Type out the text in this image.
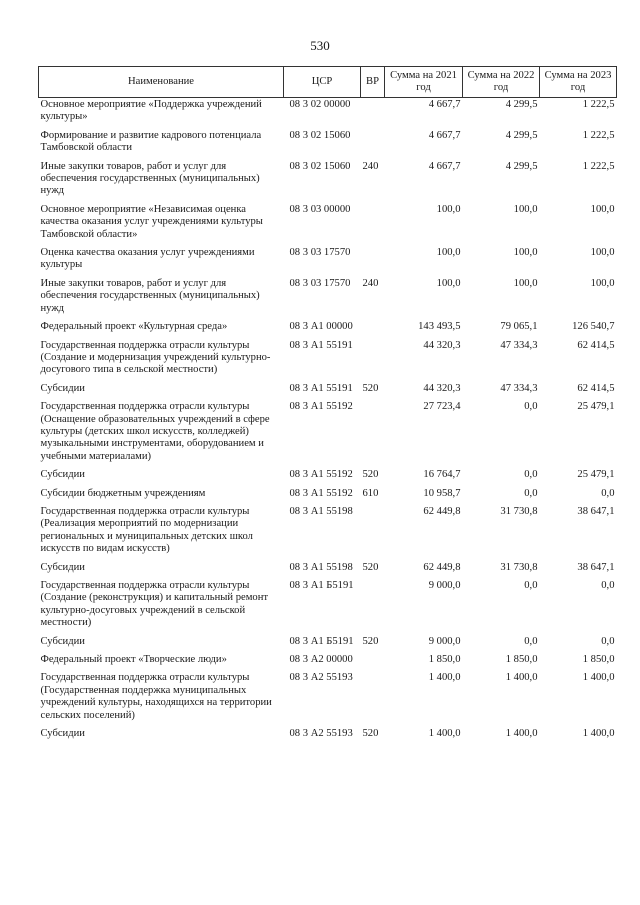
530
Наименование	ЦСР	ВР	Сумма на 2021 год	Сумма на 2022 год	Сумма на 2023 год
Основное мероприятие «Поддержка учреждений культуры»	08 3 02 00000		4 667,7	4 299,5	1 222,5
Формирование и развитие кадрового потенциала Тамбовской области	08 3 02 15060		4 667,7	4 299,5	1 222,5
Иные закупки товаров, работ и услуг для обеспечения государственных (муниципальных) нужд	08 3 02 15060	240	4 667,7	4 299,5	1 222,5
Основное мероприятие «Независимая оценка качества оказания услуг учреждениями культуры Тамбовской области»	08 3 03 00000		100,0	100,0	100,0
Оценка качества оказания услуг учреждениями культуры	08 3 03 17570		100,0	100,0	100,0
Иные закупки товаров, работ и услуг для обеспечения государственных (муниципальных) нужд	08 3 03 17570	240	100,0	100,0	100,0
Федеральный проект «Культурная среда»	08 3 А1 00000		143 493,5	79 065,1	126 540,7
Государственная поддержка отрасли культуры (Создание и модернизация учреждений культурно-досугового типа в сельской местности)	08 3 А1 55191		44 320,3	47 334,3	62 414,5
Субсидии	08 3 А1 55191	520	44 320,3	47 334,3	62 414,5
Государственная поддержка отрасли культуры (Оснащение образовательных учреждений в сфере культуры (детских школ искусств, колледжей) музыкальными инструментами, оборудованием и учебными материалами)	08 3 А1 55192		27 723,4	0,0	25 479,1
Субсидии	08 3 А1 55192	520	16 764,7	0,0	25 479,1
Субсидии бюджетным учреждениям	08 3 А1 55192	610	10 958,7	0,0	0,0
Государственная поддержка отрасли культуры (Реализация мероприятий по модернизации региональных и муниципальных детских школ искусств по видам искусств)	08 3 А1 55198		62 449,8	31 730,8	38 647,1
Субсидии	08 3 А1 55198	520	62 449,8	31 730,8	38 647,1
Государственная поддержка отрасли культуры (Создание (реконструкция) и капитальный ремонт культурно-досуговых учреждений в сельской местности)	08 3 А1 Б5191		9 000,0	0,0	0,0
Субсидии	08 3 А1 Б5191	520	9 000,0	0,0	0,0
Федеральный проект «Творческие люди»	08 3 А2 00000		1 850,0	1 850,0	1 850,0
Государственная поддержка отрасли культуры (Государственная поддержка муниципальных учреждений культуры, находящихся на территории сельских поселений)	08 3 А2 55193		1 400,0	1 400,0	1 400,0
Субсидии	08 3 А2 55193	520	1 400,0	1 400,0	1 400,0
